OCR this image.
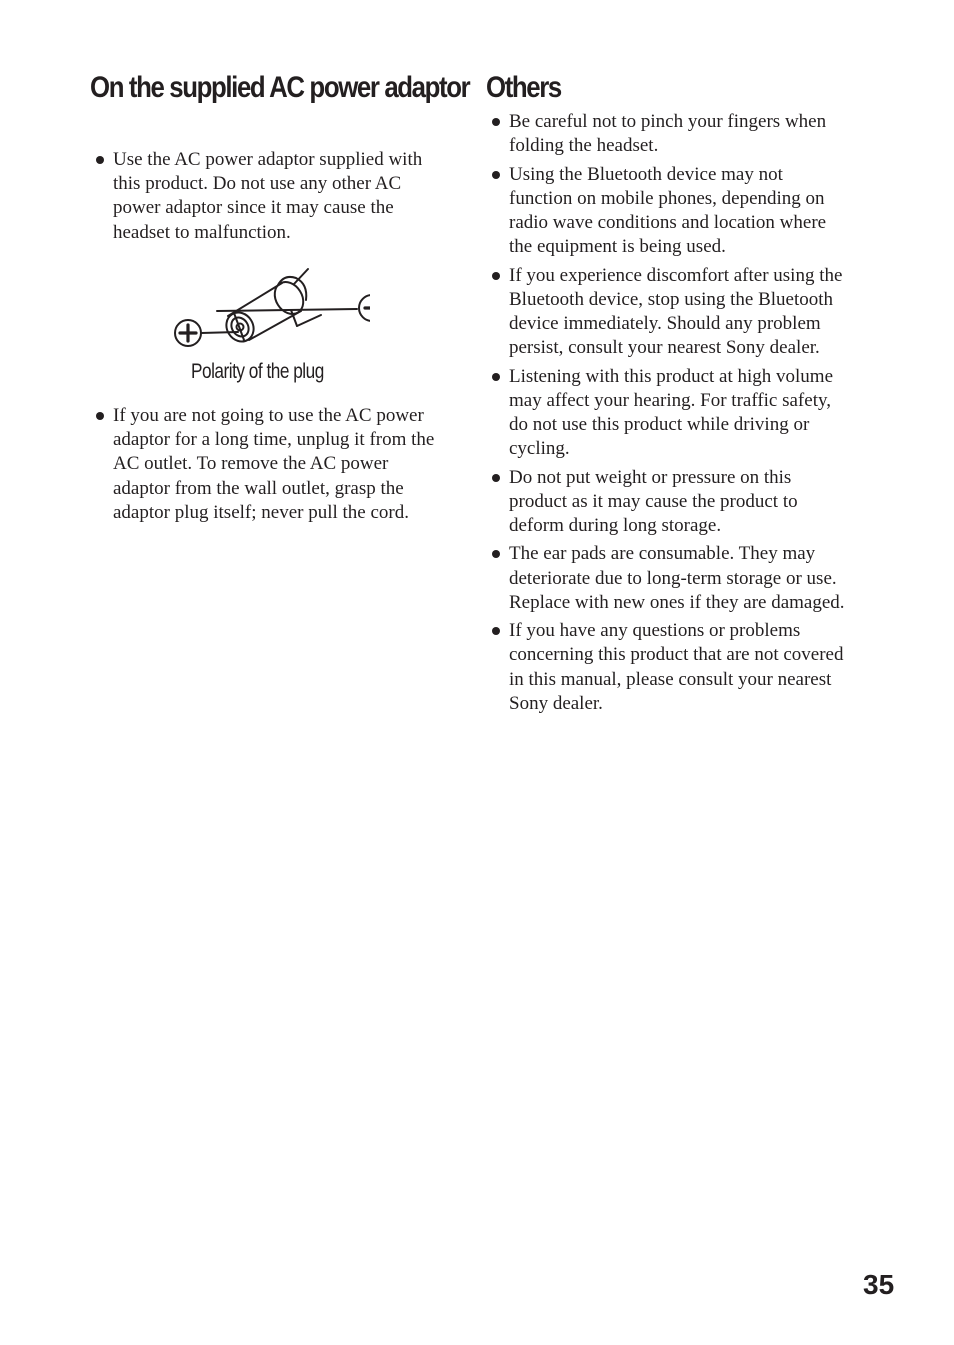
On the supplied AC power adaptor
Use the AC power adaptor supplied with this product. Do not use any other AC power adaptor since it may cause the headset to malfunction.

Polarity of the plug

If you are not going to use the AC power adaptor for a long time, unplug it from the AC outlet. To remove the AC power adaptor from the wall outlet, grasp the adaptor plug itself; never pull the cord.
Others
Be careful not to pinch your fingers when folding the headset.
Using the Bluetooth device may not function on mobile phones, depending on radio wave conditions and location where the equipment is being used.
If you experience discomfort after using the Bluetooth device, stop using the Bluetooth device immediately. Should any problem persist, consult your nearest Sony dealer.
Listening with this product at high volume may affect your hearing. For traffic safety, do not use this product while driving or cycling.
Do not put weight or pressure on this product as it may cause the product to deform during long storage.
The ear pads are consumable. They may deteriorate due to long-term storage or use. Replace with new ones if they are damaged.
If you have any questions or problems concerning this product that are not covered in this manual, please consult your nearest Sony dealer.

35
